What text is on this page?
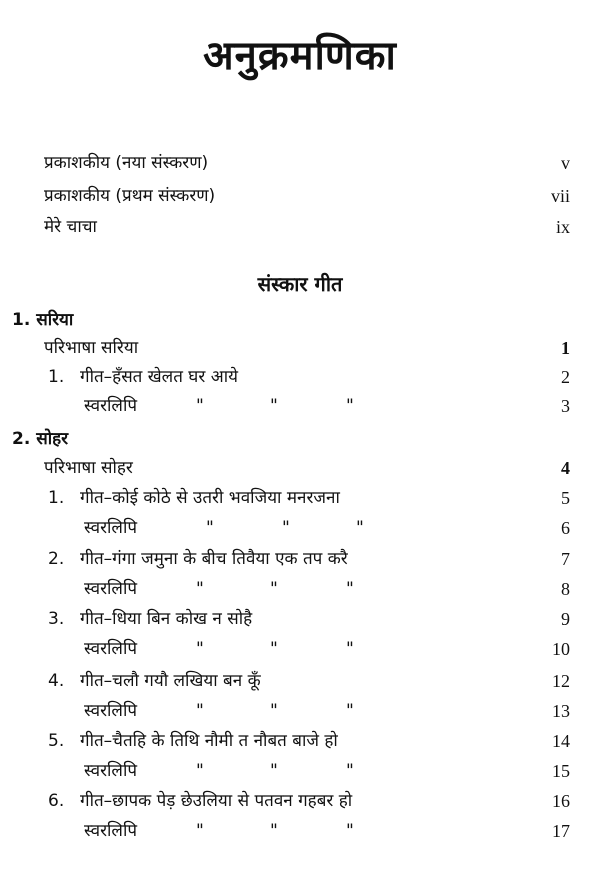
अनुक्रमणिका
प्रकाशकीय (नया संस्करण)	v
प्रकाशकीय (प्रथम संस्करण)	vii
मेरे चाचा	ix
संस्कार गीत
1. सरिया
परिभाषा सरिया	1
1. गीत–हँसत खेलत घर आये	2
स्वरलिपि	"	"	"	3
2. सोहर
परिभाषा सोहर	4
1. गीत–कोई कोठे से उतरी भवजिया मनरजना	5
स्वरलिपि	"	"	"	6
2. गीत–गंगा जमुना के बीच तिवैया एक तप करै	7
स्वरलिपि	"	"	"	8
3. गीत–धिया बिन कोख न सोहै	9
स्वरलिपि	"	"	"	10
4. गीत–चलौ गयौ लखिया बन कूँ	12
स्वरलिपि	"	"	"	13
5. गीत–चैतहि के तिथि नौमी त नौबत बाजे हो	14
स्वरलिपि	"	"	"	15
6. गीत–छापक पेड़ छेउलिया से पतवन गहबर हो	16
स्वरलिपि	"	"	"	17
